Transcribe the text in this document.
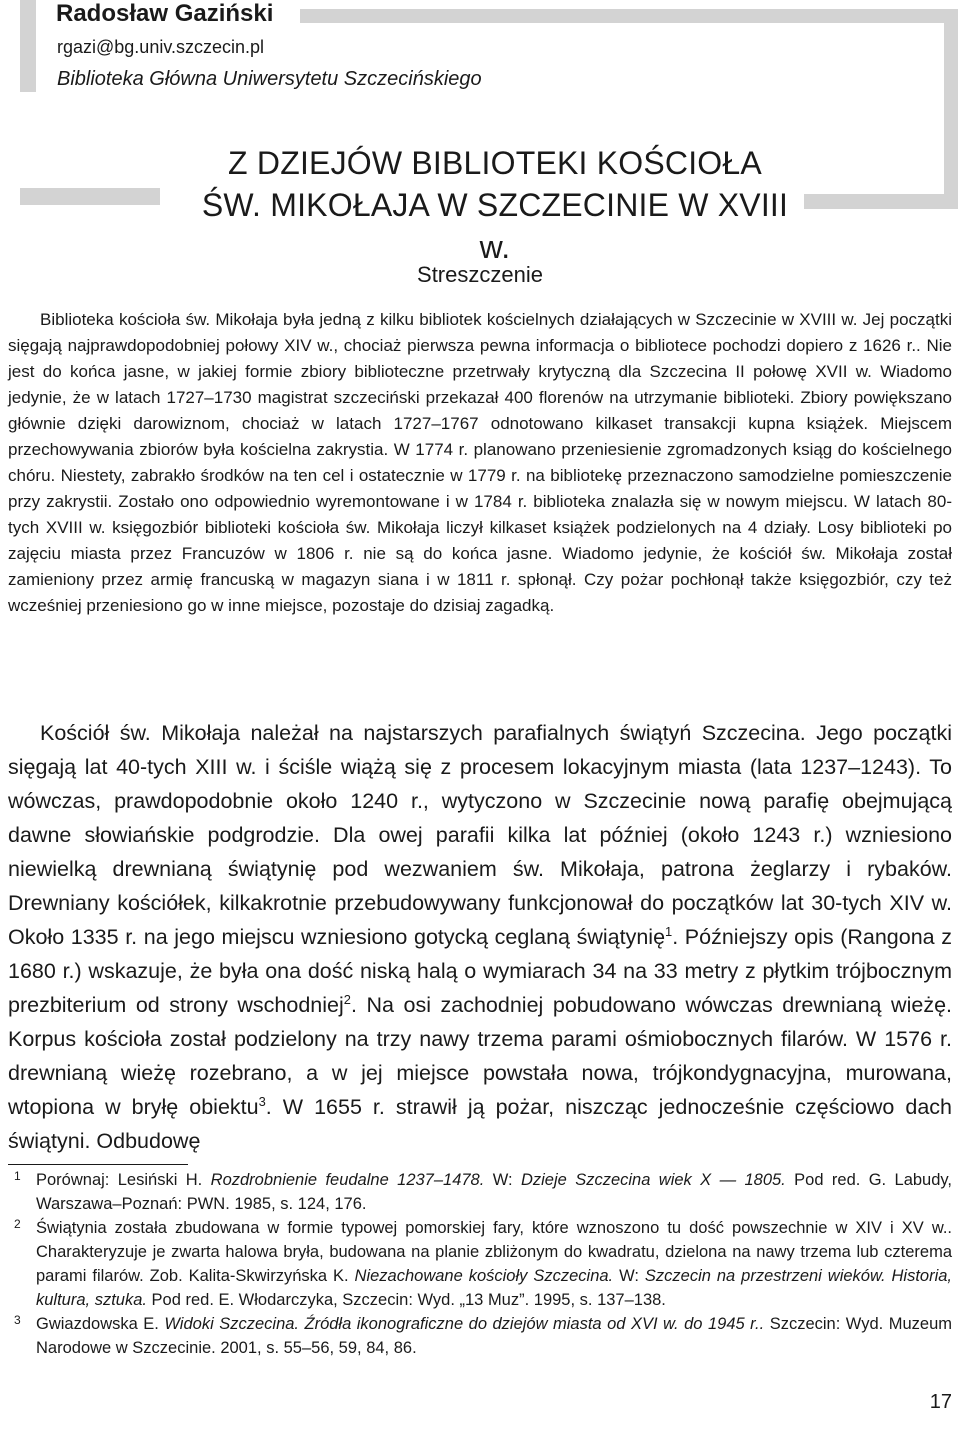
Radosław Gaziński
rgazi@bg.univ.szczecin.pl
Biblioteka Główna Uniwersytetu Szczecińskiego
Z DZIEJÓW BIBLIOTEKI KOŚCIOŁA
ŚW. MIKOŁAJA W SZCZECINIE W XVIII w.
Streszczenie

Biblioteka kościoła św. Mikołaja była jedną z kilku bibliotek kościelnych działających w Szczecinie w XVIII w. Jej początki sięgają najprawdopodobniej połowy XIV w., chociaż pierwsza pewna informacja o bibliotece pochodzi dopiero z 1626 r.. Nie jest do końca jasne, w jakiej formie zbiory biblioteczne przetrwały krytyczną dla Szczecina II połowę XVII w. Wiadomo jedynie, że w latach 1727–1730 magistrat szczeciński przekazał 400 florenów na utrzymanie biblioteki. Zbiory powiększano głównie dzięki darowiznom, chociaż w latach 1727–1767 odnotowano kilkaset transakcji kupna książek. Miejscem przechowywania zbiorów była kościelna zakrystia. W 1774 r. planowano przeniesienie zgromadzonych ksiąg do kościelnego chóru. Niestety, zabrakło środków na ten cel i ostatecznie w 1779 r. na bibliotekę przeznaczono samodzielne pomieszczenie przy zakrystii. Zostało ono odpowiednio wyremontowane i w 1784 r. biblioteka znalazła się w nowym miejscu. W latach 80-tych XVIII w. księgozbiór biblioteki kościoła św. Mikołaja liczył kilkaset książek podzielonych na 4 działy. Losy biblioteki po zajęciu miasta przez Francuzów w 1806 r. nie są do końca jasne. Wiadomo jedynie, że kościół św. Mikołaja został zamieniony przez armię francuską w magazyn siana i w 1811 r. spłonął. Czy pożar pochłonął także księgozbiór, czy też wcześniej przeniesiono go w inne miejsce, pozostaje do dzisiaj zagadką.

Kościół św. Mikołaja należał na najstarszych parafialnych świątyń Szczecina. Jego początki sięgają lat 40-tych XIII w. i ściśle wiążą się z procesem lokacyjnym miasta (lata 1237–1243). To wówczas, prawdopodobnie około 1240 r., wytyczono w Szczecinie nową parafię obejmującą dawne słowiańskie podgrodzie. Dla owej parafii kilka lat później (około 1243 r.) wzniesiono niewielką drewnianą świątynię pod wezwaniem św. Mikołaja, patrona żeglarzy i rybaków. Drewniany kościółek, kilkakrotnie przebudowywany funkcjonował do początków lat 30-tych XIV w. Około 1335 r. na jego miejscu wzniesiono gotycką ceglaną świątynię$^1$. Późniejszy opis (Rangona z 1680 r.) wskazuje, że była ona dość niską halą o wymiarach 34 na 33 metry z płytkim trójbocznym prezbiterium od strony wschodniej$^2$. Na osi zachodniej pobudowano wówczas drewnianą wieżę. Korpus kościoła został podzielony na trzy nawy trzema parami ośmiobocznych filarów. W 1576 r. drewnianą wieżę rozebrano, a w jej miejsce powstała nowa, trójkondygnacyjna, murowana, wtopiona w bryłę obiektu$^3$. W 1655 r. strawił ją pożar, niszcząc jednocześnie częściowo dach świątyni. Odbudowę

1 Porównaj: Lesiński H. Rozdrobnienie feudalne 1237–1478. W: Dzieje Szczecina wiek X — 1805. Pod red. G. Labudy, Warszawa–Poznań: PWN. 1985, s. 124, 176.
2 Świątynia została zbudowana w formie typowej pomorskiej fary, które wznoszono tu dość powszechnie w XIV i XV w.. Charakteryzuje je zwarta halowa bryła, budowana na planie zbliżonym do kwadratu, dzielona na nawy trzema lub czterema parami filarów. Zob. Kalita-Skwirzyńska K. Niezachowane kościoły Szczecina. W: Szczecin na przestrzeni wieków. Historia, kultura, sztuka. Pod red. E. Włodarczyka, Szczecin: Wyd. „13 Muz”. 1995, s. 137–138.
3 Gwiazdowska E. Widoki Szczecina. Źródła ikonograficzne do dziejów miasta od XVI w. do 1945 r.. Szczecin: Wyd. Muzeum Narodowe w Szczecinie. 2001, s. 55–56, 59, 84, 86.
17
